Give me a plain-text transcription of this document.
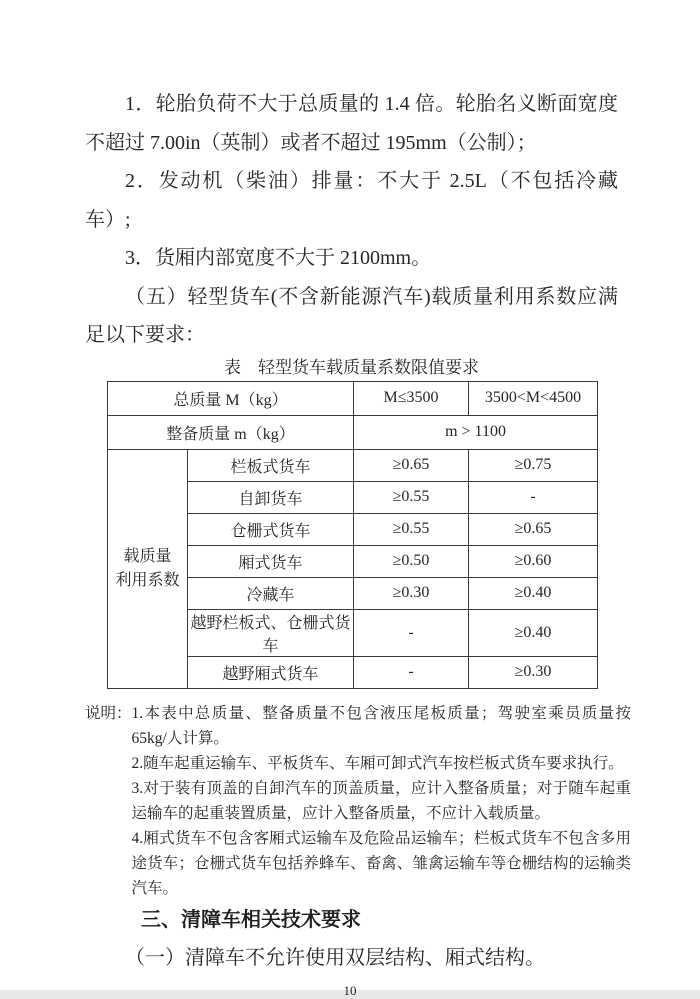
1．轮胎负荷不大于总质量的 1.4 倍。轮胎名义断面宽度不超过 7.00in（英制）或者不超过 195mm（公制）；

2．发动机（柴油）排量：不大于 2.5L（不包括冷藏车）;

3．货厢内部宽度不大于 2100mm。

（五）轻型货车(不含新能源汽车)载质量利用系数应满足以下要求：

表　轻型货车载质量系数限值要求
总质量 M（kg）		M≤3500	3500<M<4500
整备质量 m（kg）		m > 1100	

载质量
利用系数	栏板式货车	≥0.65	≥0.75
	自卸货车	≥0.55	-
	仓栅式货车	≥0.55	≥0.65
	厢式货车	≥0.50	≥0.60
	冷藏车	≥0.30	≥0.40
	越野栏板式、仓栅式货车	-	≥0.40
	越野厢式货车	-	≥0.30
说明： 1.本表中总质量、整备质量不包含液压尾板质量；驾驶室乘员质量按 65kg/人计算。
2.随车起重运输车、平板货车、车厢可卸式汽车按栏板式货车要求执行。
3.对于装有顶盖的自卸汽车的顶盖质量，应计入整备质量；对于随车起重运输车的起重装置质量，应计入整备质量，不应计入载质量。
4.厢式货车不包含客厢式运输车及危险品运输车；栏板式货车不包含多用途货车；仓栅式货车包括养蜂车、畜禽、雏禽运输车等仓栅结构的运输类汽车。

三、清障车相关技术要求

（一）清障车不允许使用双层结构、厢式结构。

10
